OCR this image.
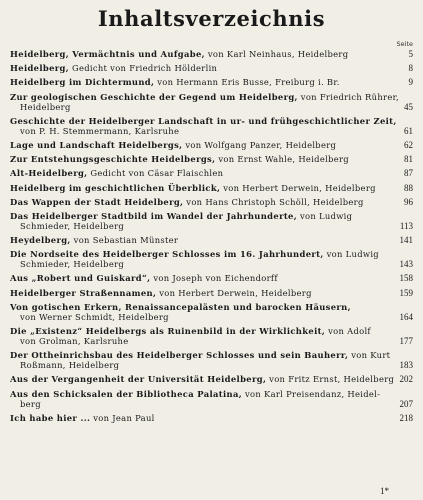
Inhaltsverzeichnis
Seite
Heidelberg, Vermächtnis und Aufgabe, von Karl Neinhaus, Heidelberg	5
Heidelberg, Gedicht von Friedrich Hölderlin	8
Heidelberg im Dichtermund, von Hermann Eris Busse, Freiburg i. Br.	9
Zur geologischen Geschichte der Gegend um Heidelberg, von Friedrich Rührer,
Heidelberg	45
Geschichte der Heidelberger Landschaft in ur- und frühgeschichtlicher Zeit,
von P. H. Stemmermann, Karlsruhe	61
Lage und Landschaft Heidelbergs, von Wolfgang Panzer, Heidelberg	62
Zur Entstehungsgeschichte Heidelbergs, von Ernst Wahle, Heidelberg	81
Alt-Heidelberg, Gedicht von Cäsar Flaischlen	87
Heidelberg im geschichtlichen Überblick, von Herbert Derwein, Heidelberg	88
Das Wappen der Stadt Heidelberg, von Hans Christoph Schöll, Heidelberg	96
Das Heidelberger Stadtbild im Wandel der Jahrhunderte, von Ludwig
Schmieder, Heidelberg	113
Heydelberg, von Sebastian Münster	141
Die Nordseite des Heidelberger Schlosses im 16. Jahrhundert, von Ludwig
Schmieder, Heidelberg	143
Aus „Robert und Guiskard“, von Joseph von Eichendorff	158
Heidelberger Straßennamen, von Herbert Derwein, Heidelberg	159
Von gotischen Erkern, Renaissancepalästen und barocken Häusern,
von Werner Schmidt, Heidelberg	164
Die „Existenz“ Heidelbergs als Ruinenbild in der Wirklichkeit, von Adolf
von Grolman, Karlsruhe	177
Der Ottheinrichsbau des Heidelberger Schlosses und sein Bauherr, von Kurt
Roßmann, Heidelberg	183
Aus der Vergangenheit der Universität Heidelberg, von Fritz Ernst, Heidelberg 202
Aus den Schicksalen der Bibliotheca Palatina, von Karl Preisendanz, Heidel-
berg	207
Ich habe hier ... von Jean Paul	218
1*
